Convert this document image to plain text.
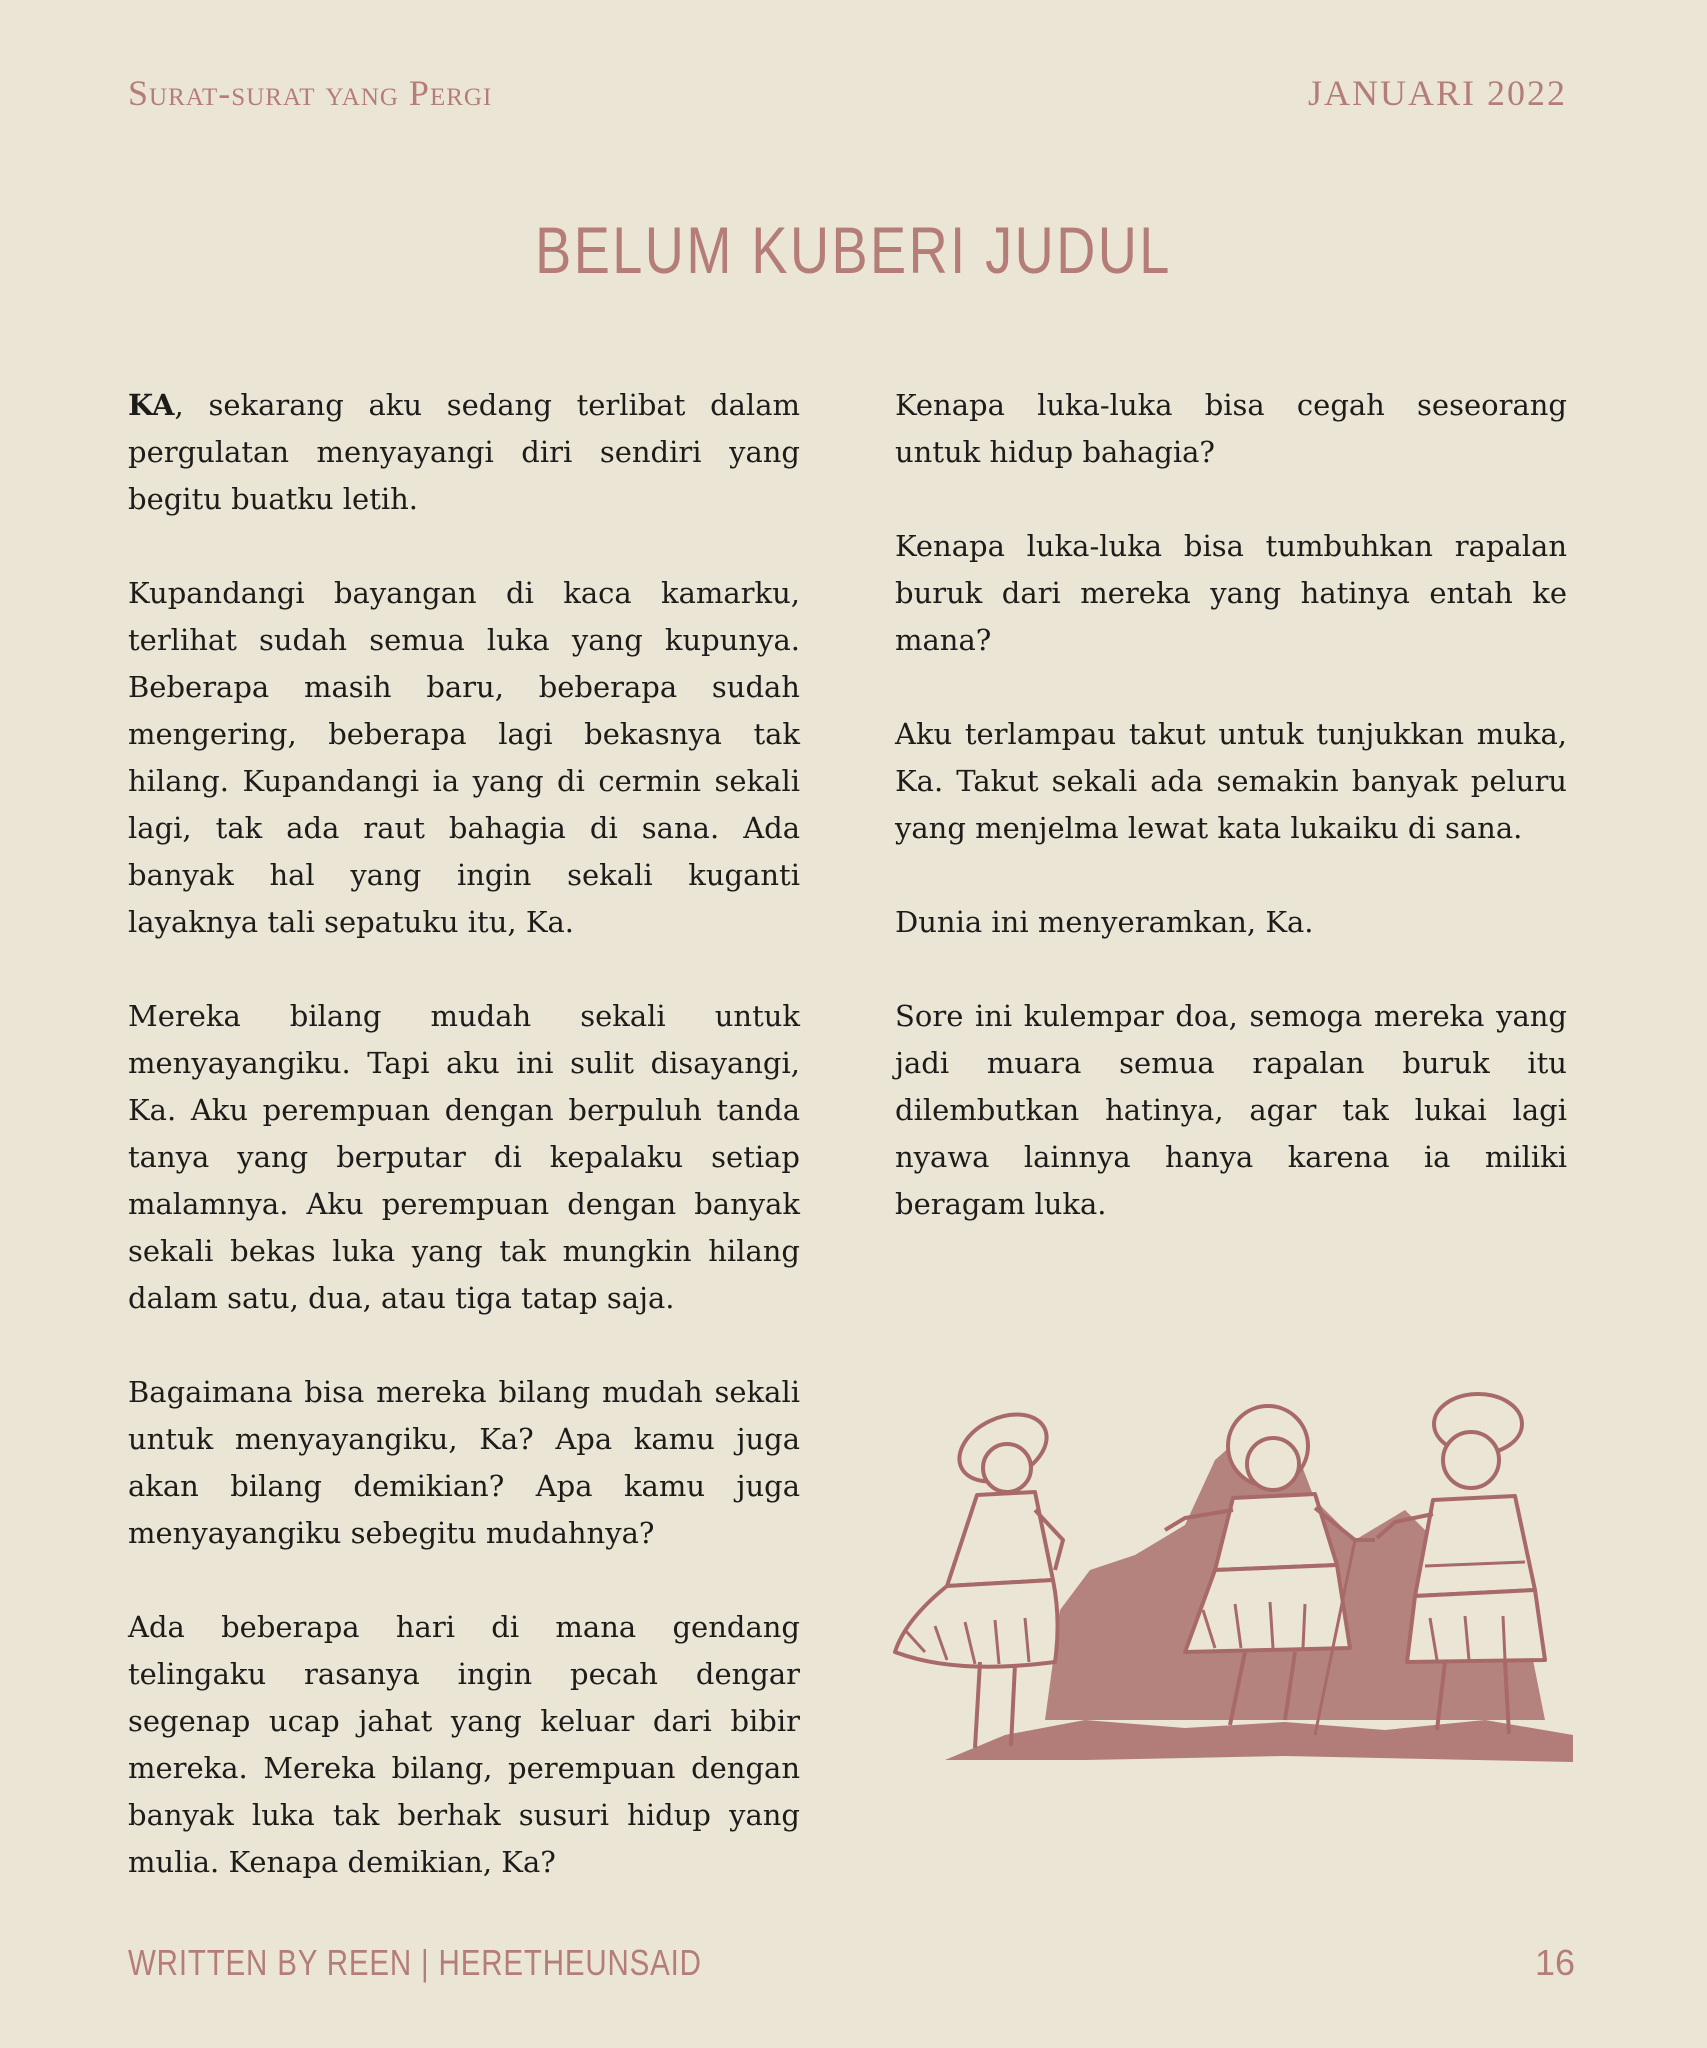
Surat-surat yang Pergi	JANUARI 2022
BELUM KUBERI JUDUL

KA, sekarang aku sedang terlibat dalam pergulatan menyayangi diri sendiri yang begitu buatku letih.

Kupandangi bayangan di kaca kamarku, terlihat sudah semua luka yang kupunya. Beberapa masih baru, beberapa sudah mengering, beberapa lagi bekasnya tak hilang. Kupandangi ia yang di cermin sekali lagi, tak ada raut bahagia di sana. Ada banyak hal yang ingin sekali kuganti layaknya tali sepatuku itu, Ka.

Mereka bilang mudah sekali untuk menyayangiku. Tapi aku ini sulit disayangi, Ka. Aku perempuan dengan berpuluh tanda tanya yang berputar di kepalaku setiap malamnya. Aku perempuan dengan banyak sekali bekas luka yang tak mungkin hilang dalam satu, dua, atau tiga tatap saja.

Bagaimana bisa mereka bilang mudah sekali untuk menyayangiku, Ka? Apa kamu juga akan bilang demikian? Apa kamu juga menyayangiku sebegitu mudahnya?

Ada beberapa hari di mana gendang telingaku rasanya ingin pecah dengar segenap ucap jahat yang keluar dari bibir mereka. Mereka bilang, perempuan dengan banyak luka tak berhak susuri hidup yang mulia. Kenapa demikian, Ka?

Kenapa luka-luka bisa cegah seseorang untuk hidup bahagia?

Kenapa luka-luka bisa tumbuhkan rapalan buruk dari mereka yang hatinya entah ke mana?

Aku terlampau takut untuk tunjukkan muka, Ka. Takut sekali ada semakin banyak peluru yang menjelma lewat kata lukaiku di sana.

Dunia ini menyeramkan, Ka.

Sore ini kulempar doa, semoga mereka yang jadi muara semua rapalan buruk itu dilembutkan hatinya, agar tak lukai lagi nyawa lainnya hanya karena ia miliki beragam luka.

WRITTEN BY REEN | HERETHEUNSAID	16
